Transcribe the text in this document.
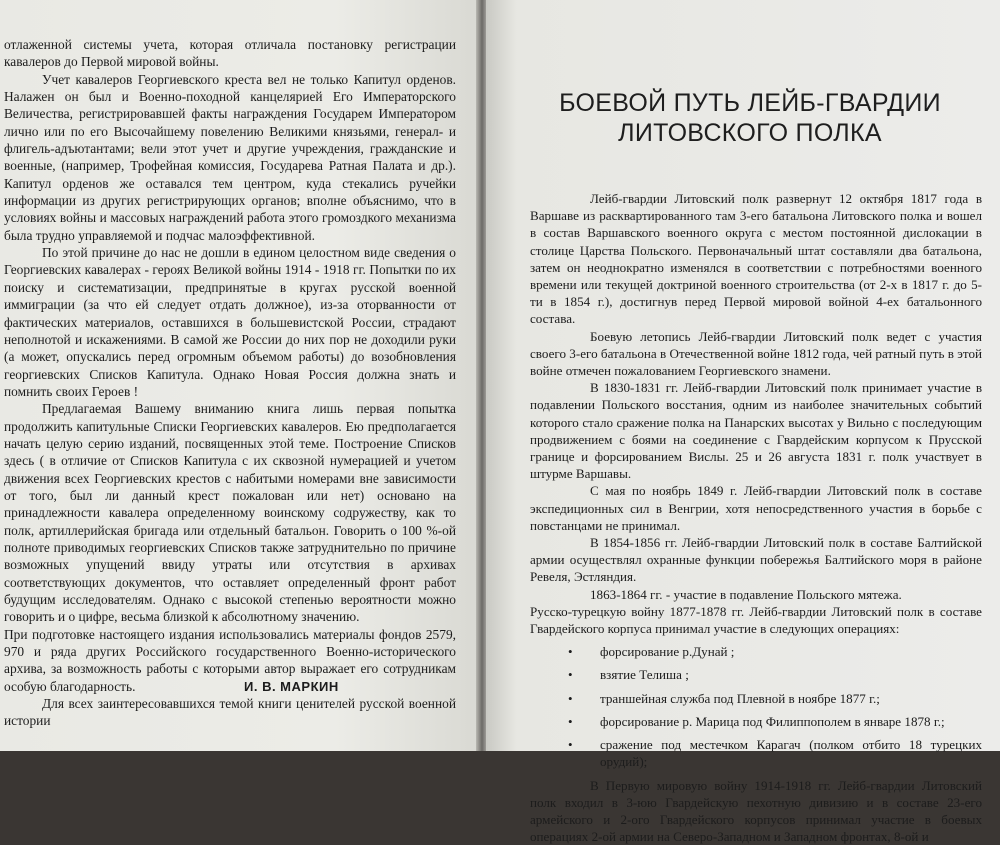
отлаженной системы учета, которая отличала постановку регистрации кавалеров до Первой мировой войны.

Учет кавалеров Георгиевского креста вел не только Капитул орденов. Налажен он был и Военно-походной канцелярией Его Императорского Величества, регистрировавшей факты награждения Государем Императором лично или по его Высочайшему повелению Великими князьями, генерал- и флигель-адъютантами; вели этот учет и другие учреждения, гражданские и военные, (например, Трофейная комиссия, Государева Ратная Палата и др.). Капитул орденов же оставался тем центром, куда стекались ручейки информации из других регистрирующих органов; вполне объяснимо, что в условиях войны и массовых награждений работа этого громоздкого механизма была трудно управляемой и подчас малоэффективной.

По этой причине до нас не дошли в едином целостном виде сведения о Георгиевских кавалерах - героях Великой войны 1914 - 1918 гг. Попытки по их поиску и систематизации, предпринятые в кругах русской военной иммиграции (за что ей следует отдать должное), из-за оторванности от фактических материалов, оставшихся в большевистской России, страдают неполнотой и искажениями. В самой же России до них пор не доходили руки (а может, опускались перед огромным объемом работы) до возобновления георгиевских Списков Капитула. Однако Новая Россия должна знать и помнить своих Героев !

Предлагаемая Вашему вниманию книга лишь первая попытка продолжить капитульные Списки Георгиевских кавалеров. Ею предполагается начать целую серию изданий, посвященных этой теме. Построение Списков здесь ( в отличие от Списков Капитула с их сквозной нумерацией и учетом движения всех Георгиевских крестов с набитыми номерами вне зависимости от того, был ли данный крест пожалован или нет) основано на принадлежности кавалера определенному воинскому содружеству, как то полк, артиллерийская бригада или отдельный батальон. Говорить о 100 %-ой полноте приводимых георгиевских Списков также затруднительно по причине возможных упущений ввиду утраты или отсутствия в архивах соответствующих документов, что оставляет определенный фронт работ будущим исследователям. Однако с высокой степенью вероятности можно говорить и о цифре, весьма близкой к абсолютному значению.

При подготовке настоящего издания использовались материалы фондов 2579, 970 и ряда других Российского государственного Военно-исторического архива, за возможность работы с которыми автор выражает его сотрудникам особую благодарность.

Для всех заинтересовавшихся темой книги ценителей русской военной истории

И. В. МАРКИН
БОЕВОЙ ПУТЬ ЛЕЙБ-ГВАРДИИ
ЛИТОВСКОГО ПОЛКА

Лейб-гвардии Литовский полк развернут 12 октября 1817 года в Варшаве из расквартированного там 3-его батальона Литовского полка и вошел в состав Варшавского военного округа с местом постоянной дислокации в столице Царства Польского. Первоначальный штат составляли два батальона, затем он неоднократно изменялся в соответствии с потребностями военного времени или текущей доктриной военного строительства (от 2-х в 1817 г. до 5-ти в 1854 г.), достигнув перед Первой мировой войной 4-ех батальонного состава.

Боевую летопись Лейб-гвардии Литовский полк ведет с участия своего 3-его батальона в Отечественной войне 1812 года, чей ратный путь в этой войне отмечен пожалованием Георгиевского знамени.

В 1830-1831 гг. Лейб-гвардии Литовский полк принимает участие в подавлении Польского восстания, одним из наиболее значительных событий которого стало сражение полка на Панарских высотах у Вильно с последующим продвижением с боями на соединение с Гвардейским корпусом к Прусской границе и форсированием Вислы. 25 и 26 августа 1831 г. полк участвует в штурме Варшавы.

С мая по ноябрь 1849 г. Лейб-гвардии Литовский полк в составе экспедиционных сил в Венгрии, хотя непосредственного участия в борьбе с повстанцами не принимал.

В 1854-1856 гг. Лейб-гвардии Литовский полк в составе Балтийской армии осуществлял охранные функции побережья Балтийского моря в районе Ревеля, Эстляндия.

1863-1864 гг. - участие в подавление Польского мятежа.

Русско-турецкую войну 1877-1878 гг. Лейб-гвардии Литовский полк в составе Гвардейского корпуса принимал участие в следующих операциях:

• форсирование р.Дунай ;
• взятие Телиша ;
• траншейная служба под Плевной в ноябре 1877 г.;
• форсирование р. Марица под Филиппополем в январе 1878 г.;
• сражение под местечком Карагач (полком отбито 18 турецких орудий);

В Первую мировую войну 1914-1918 гг. Лейб-гвардии Литовский полк входил в 3-юю Гвардейскую пехотную дивизию и в составе 23-его армейского и 2-ого Гвардейского корпусов принимал участие в боевых операциях 2-ой армии на Северо-Западном и Западном фронтах, 8-ой и
